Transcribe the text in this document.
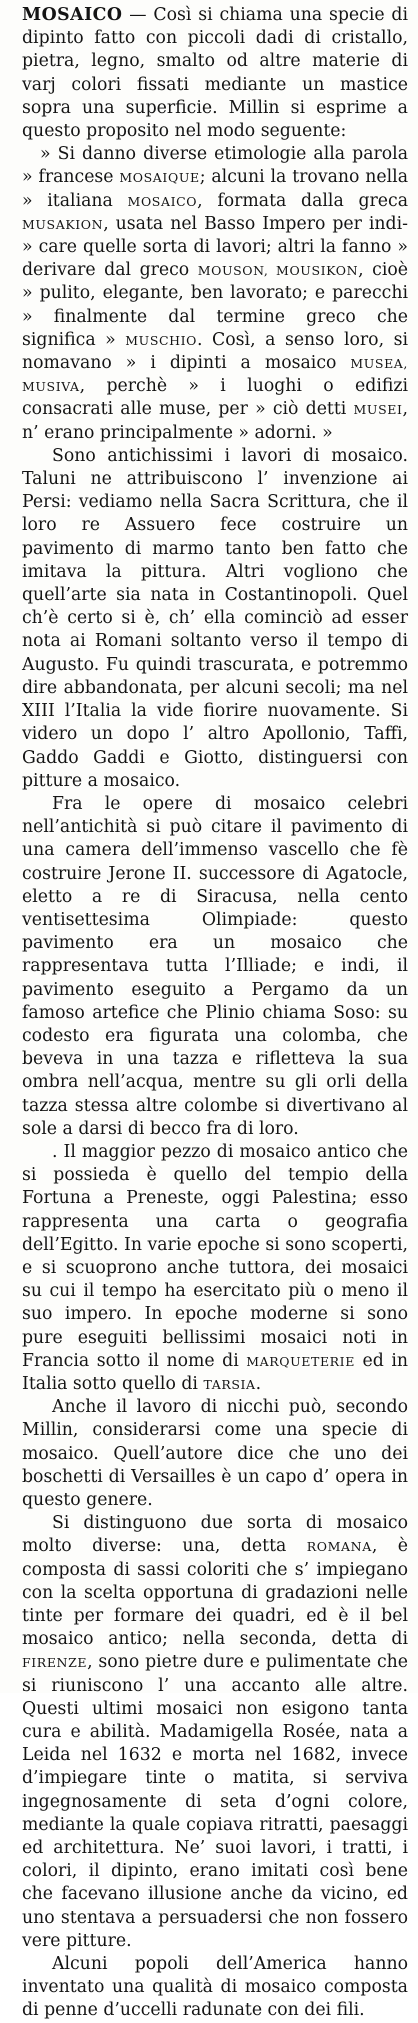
MOSAICO — Così si chiama una specie di dipinto fatto con piccoli dadi di cristallo, pietra, legno, smalto od altre materie di varj colori fissati mediante un mastice sopra una superficie. Millin si esprime a questo proposito nel modo seguente:

» Si danno diverse etimologie alla parola » francese MOSAIQUE; alcuni la trovano nella » italiana MOSAICO, formata dalla greca MUSAKION, usata nel Basso Impero per indi- » care quelle sorta di lavori; altri la fanno » derivare dal greco MOUSON, MOUSIKON, cioè » pulito, elegante, ben lavorato; e parecchi » finalmente dal termine greco che significa » MUSCHIO. Così, a senso loro, si nomavano » i dipinti a mosaico MUSEA, MUSIVA, perchè » i luoghi o edifizi consacrati alle muse, per » ciò detti MUSEI, n’ erano principalmente » adorni. »

Sono antichissimi i lavori di mosaico. Taluni ne attribuiscono l’ invenzione ai Persi: vediamo nella Sacra Scrittura, che il loro re Assuero fece costruire un pavimento di marmo tanto ben fatto che imitava la pittura. Altri vogliono che quell’arte sia nata in Costantinopoli. Quel ch’è certo si è, ch’ ella cominciò ad esser nota ai Romani soltanto verso il tempo di Augusto. Fu quindi trascurata, e potremmo dire abbandonata, per alcuni secoli; ma nel XIII l’Italia la vide fiorire nuovamente. Si videro un dopo l’ altro Apollonio, Taffi, Gaddo Gaddi e Giotto, distinguersi con pitture a mosaico.

Fra le opere di mosaico celebri nell’antichità si può citare il pavimento di una camera dell’immenso vascello che fè costruire Jerone II. successore di Agatocle, eletto a re di Siracusa, nella cento ventisettesima Olimpiade: questo pavimento era un mosaico che rappresentava tutta l’Illiade; e indi, il pavimento eseguito a Pergamo da un famoso artefice che Plinio chiama Soso: su codesto era figurata una colomba, che beveva in una tazza e rifletteva la sua ombra nell’acqua, mentre su gli orli della tazza stessa altre colombe si divertivano al sole a darsi di becco fra di loro.

. Il maggior pezzo di mosaico antico che si possieda è quello del tempio della Fortuna a Preneste, oggi Palestina; esso rappresenta una carta o geografia dell’Egitto. In varie epoche si sono scoperti, e si scuoprono anche tuttora, dei mosaici su cui il tempo ha esercitato più o meno il suo impero. In epoche moderne si sono pure eseguiti bellissimi mosaici noti in Francia sotto il nome di MARQUETERIE ed in Italia sotto quello di TARSIA.

Anche il lavoro di nicchi può, secondo Millin, considerarsi come una specie di mosaico. Quell’autore dice che uno dei boschetti di Versailles è un capo d’ opera in questo genere.

Si distinguono due sorta di mosaico molto diverse: una, detta ROMANA, è composta di sassi coloriti che s’ impiegano con la scelta opportuna di gradazioni nelle tinte per formare dei quadri, ed è il bel mosaico antico; nella seconda, detta di FIRENZE, sono pietre dure e pulimentate che si riuniscono l’ una accanto alle altre. Questi ultimi mosaici non esigono tanta cura e abilità. Madamigella Rosée, nata a Leida nel 1632 e morta nel 1682, invece d’impiegare tinte o matita, si serviva ingegnosamente di seta d’ogni colore, mediante la quale copiava ritratti, paesaggi ed architettura. Ne’ suoi lavori, i tratti, i colori, il dipinto, erano imitati così bene che facevano illusione anche da vicino, ed uno stentava a persuadersi che non fossero vere pitture.

Alcuni popoli dell’America hanno inventato una qualità di mosaico composta di penne d’uccelli radunate con dei fili.
